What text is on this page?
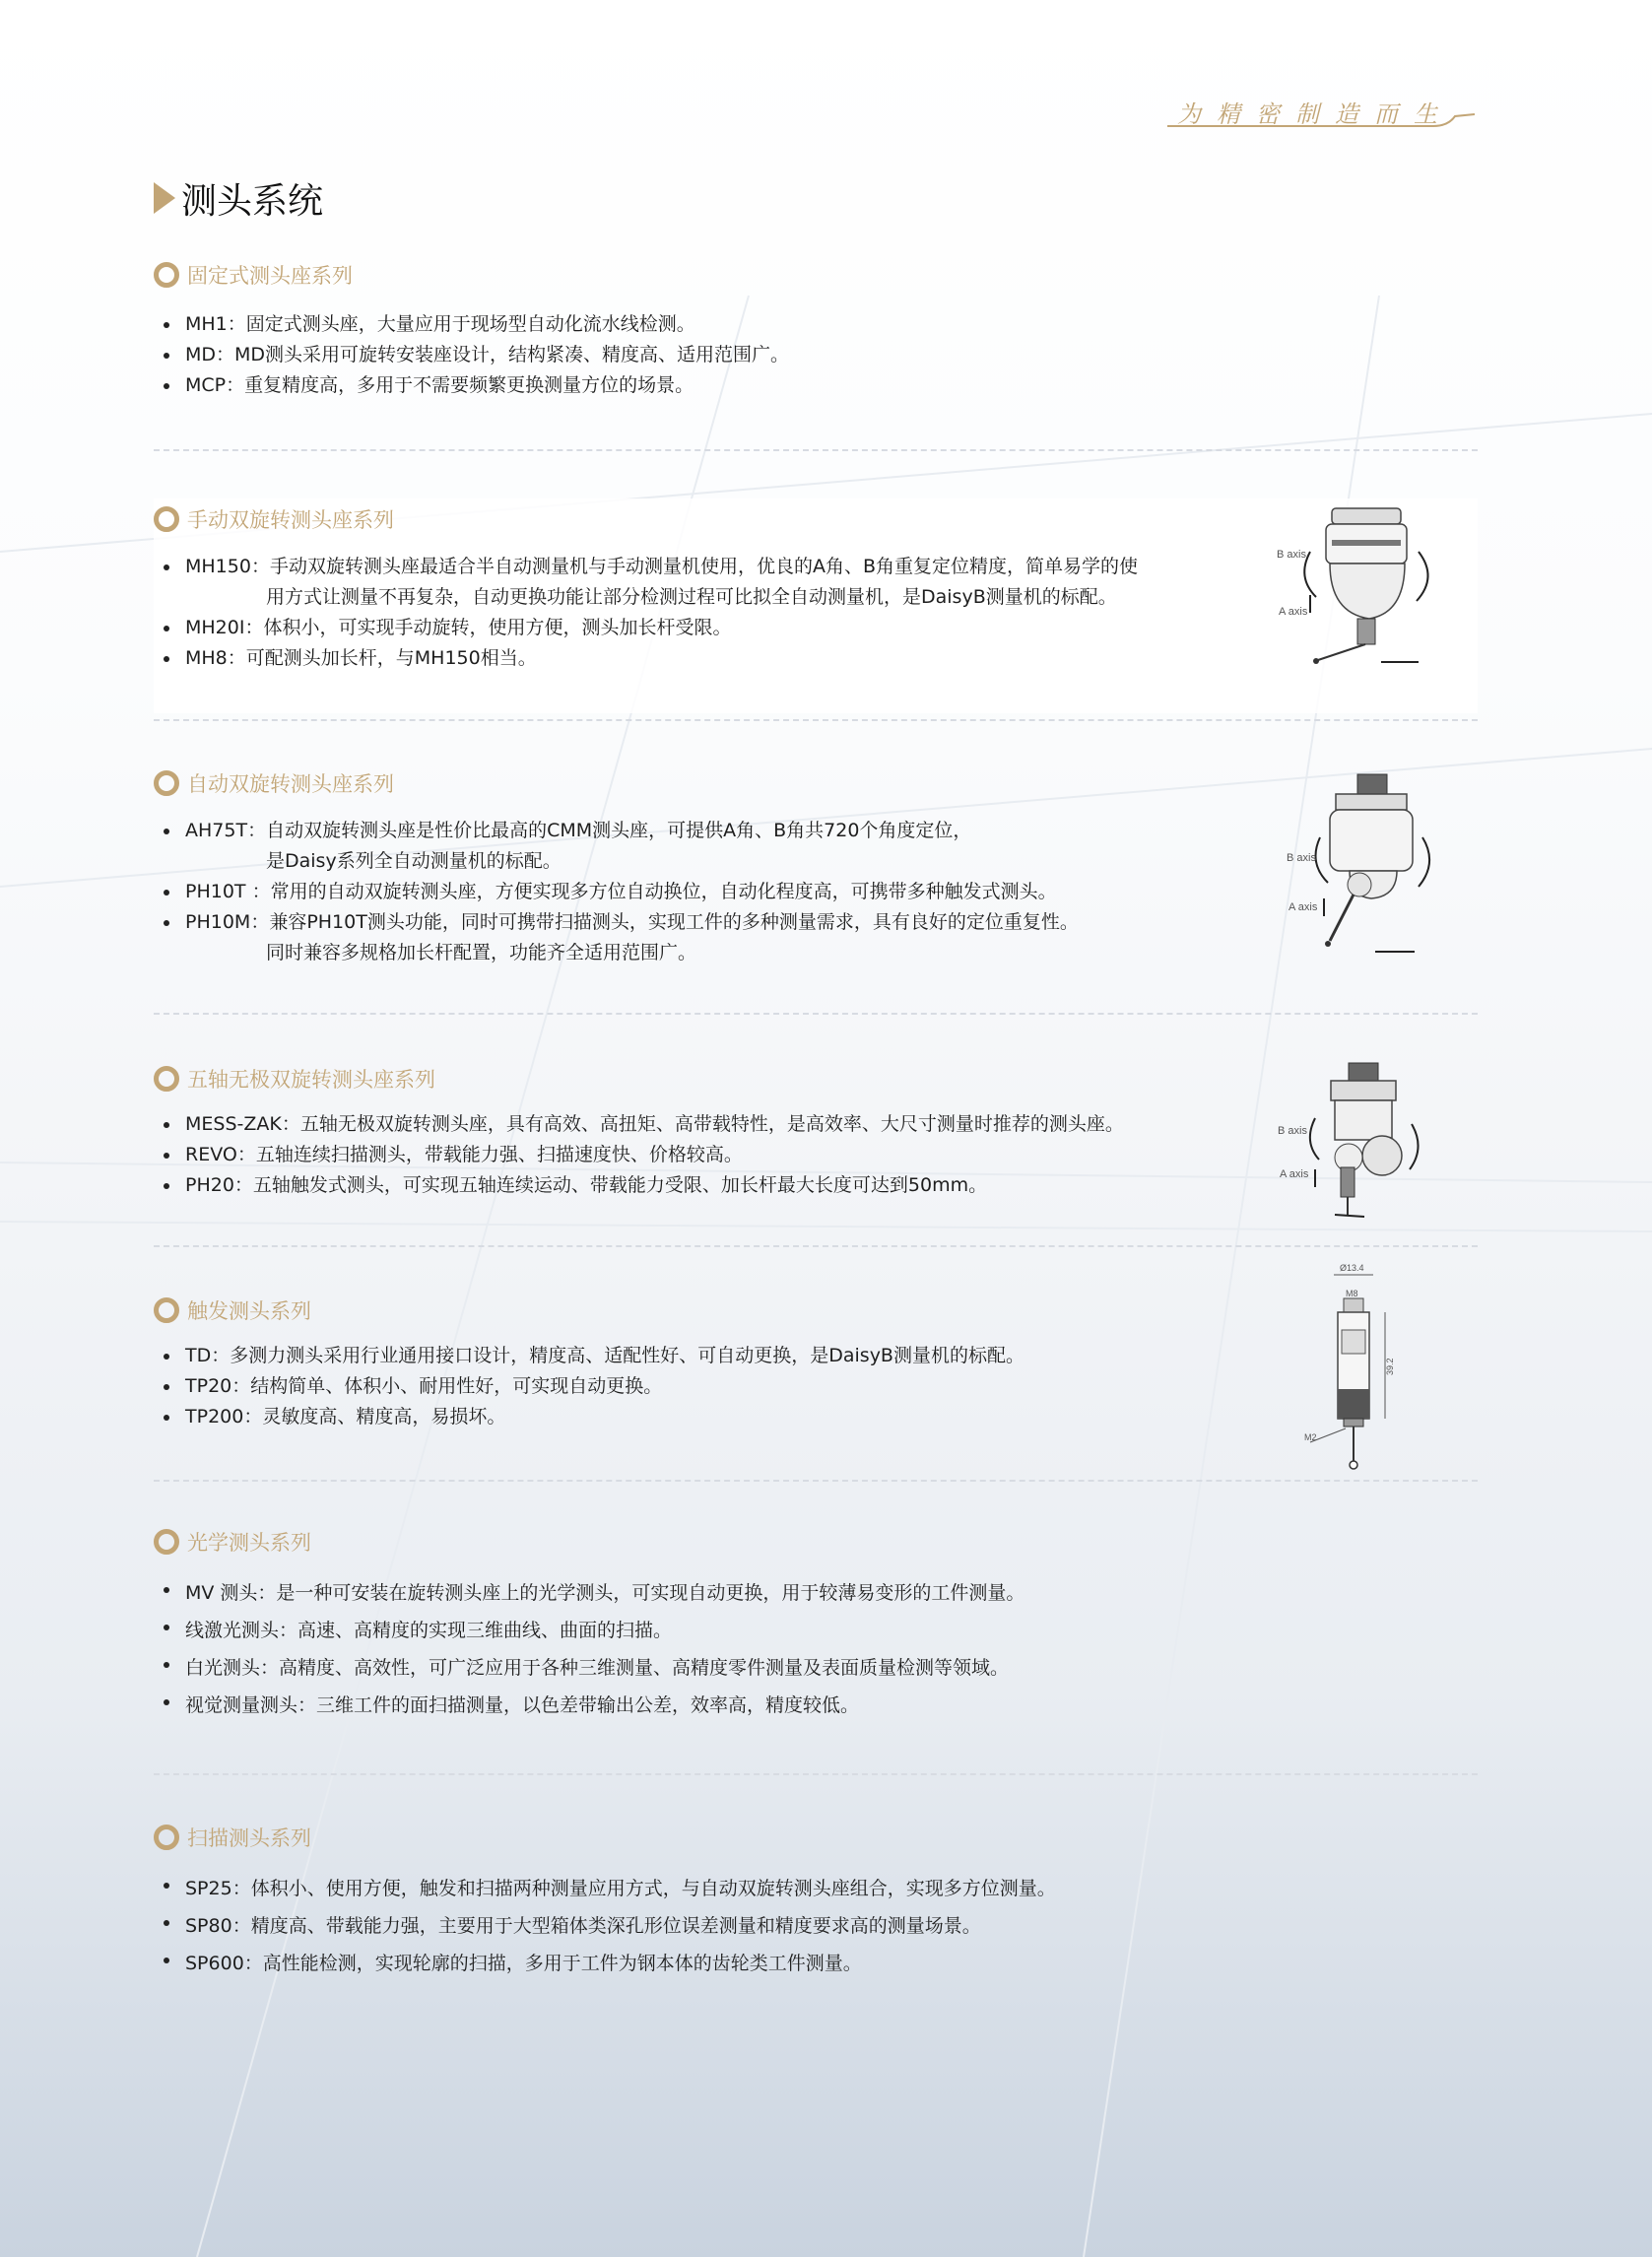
为精密制造而生
测头系统
固定式测头座系列
MH1：固定式测头座，大量应用于现场型自动化流水线检测。
MD：MD测头采用可旋转安装座设计，结构紧凑、精度高、适用范围广。
MCP：重复精度高，多用于不需要频繁更换测量方位的场景。
手动双旋转测头座系列
MH150：手动双旋转测头座最适合半自动测量机与手动测量机使用，优良的A角、B角重复定位精度，简单易学的使
用方式让测量不再复杂，自动更换功能让部分检测过程可比拟全自动测量机，是DaisyB测量机的标配。
MH20I：体积小，可实现手动旋转，使用方便，测头加长杆受限。
MH8：可配测头加长杆，与MH150相当。
B axis
A axis
自动双旋转测头座系列
AH75T：自动双旋转测头座是性价比最高的CMM测头座，可提供A角、B角共720个角度定位，
是Daisy系列全自动测量机的标配。
PH10T ：常用的自动双旋转测头座，方便实现多方位自动换位，自动化程度高，可携带多种触发式测头。
PH10M：兼容PH10T测头功能，同时可携带扫描测头，实现工件的多种测量需求，具有良好的定位重复性。
同时兼容多规格加长杆配置，功能齐全适用范围广。
B axis
A axis
五轴无极双旋转测头座系列
MESS-ZAK：五轴无极双旋转测头座，具有高效、高扭矩、高带载特性，是高效率、大尺寸测量时推荐的测头座。
REVO：五轴连续扫描测头，带载能力强、扫描速度快、价格较高。
PH20：五轴触发式测头，可实现五轴连续运动、带载能力受限、加长杆最大长度可达到50mm。
B axis
A axis
触发测头系列
TD：多测力测头采用行业通用接口设计，精度高、适配性好、可自动更换，是DaisyB测量机的标配。
TP20：结构简单、体积小、耐用性好，可实现自动更换。
TP200：灵敏度高、精度高，易损坏。
Ø13.4
M8
39.2
M2
光学测头系列
MV 测头：是一种可安装在旋转测头座上的光学测头，可实现自动更换，用于较薄易变形的工件测量。
线激光测头：高速、高精度的实现三维曲线、曲面的扫描。
白光测头：高精度、高效性，可广泛应用于各种三维测量、高精度零件测量及表面质量检测等领域。
视觉测量测头：三维工件的面扫描测量，以色差带输出公差，效率高，精度较低。
扫描测头系列
SP25：体积小、使用方便，触发和扫描两种测量应用方式，与自动双旋转测头座组合，实现多方位测量。
SP80：精度高、带载能力强，主要用于大型箱体类深孔形位误差测量和精度要求高的测量场景。
SP600：高性能检测，实现轮廓的扫描，多用于工件为钢本体的齿轮类工件测量。
